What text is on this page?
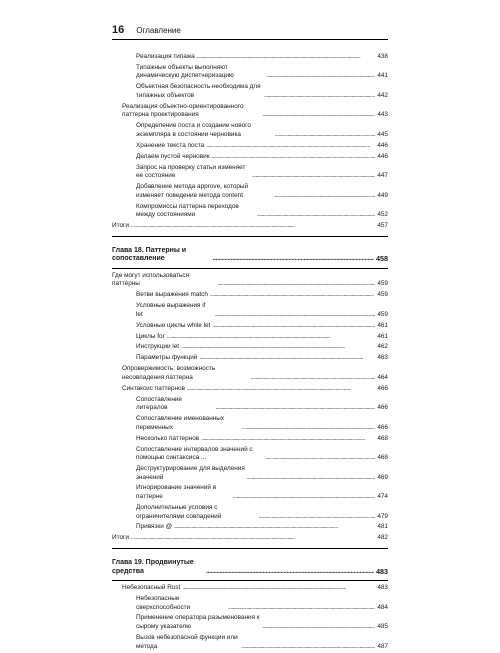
16 Оглавление
Реализация типажа . . .	438
Типажные объекты выполняют динамическую диспетчеризацию . . .	441
Объектная безопасность необходима для типажных объектов . . .	442
Реализация объектно-ориентированного паттерна проектирования . . .	443
Определение поста и создание нового экземпляра в состоянии черновика . . .	445
Хранение текста поста . . .	446
Делаем пустой черновик . . .	446
Запрос на проверку статьи изменяет ее состояние . . .	447
Добавление метода approve, который изменяет поведение метода content . . .	449
Компромиссы паттерна переходов между состояниями . . .	452
Итоги . . .	457
Глава 18. Паттерны и сопоставление . . .	458
Где могут использоваться паттерны . . .	459
Ветви выражения match . . .	459
Условные выражения if let . . .	459
Условные циклы while let . . .	461
Циклы for . . .	461
Инструкции let . . .	462
Параметры функций . . .	463
Опровержимость: возможность несовпадения паттерна . . .	464
Синтаксис паттернов . . .	466
Сопоставление литералов . . .	466
Сопоставление именованных переменных . . .	466
Несколько паттернов . . .	468
Сопоставление интервалов значений с помощью синтаксиса ... . . .	468
Деструктурирование для выделения значений . . .	469
Игнорирование значений в паттерне . . .	474
Дополнительные условия с ограничителями совпадений . . .	479
Привязки @ . . .	481
Итоги . . .	482
Глава 19. Продвинутые средства . . .	483
Небезопасный Rust . . .	483
Небезопасные сверхспособности . . .	484
Применение оператора разыменования к сырому указателю . . .	485
Вызов небезопасной функции или метода . . .	487
